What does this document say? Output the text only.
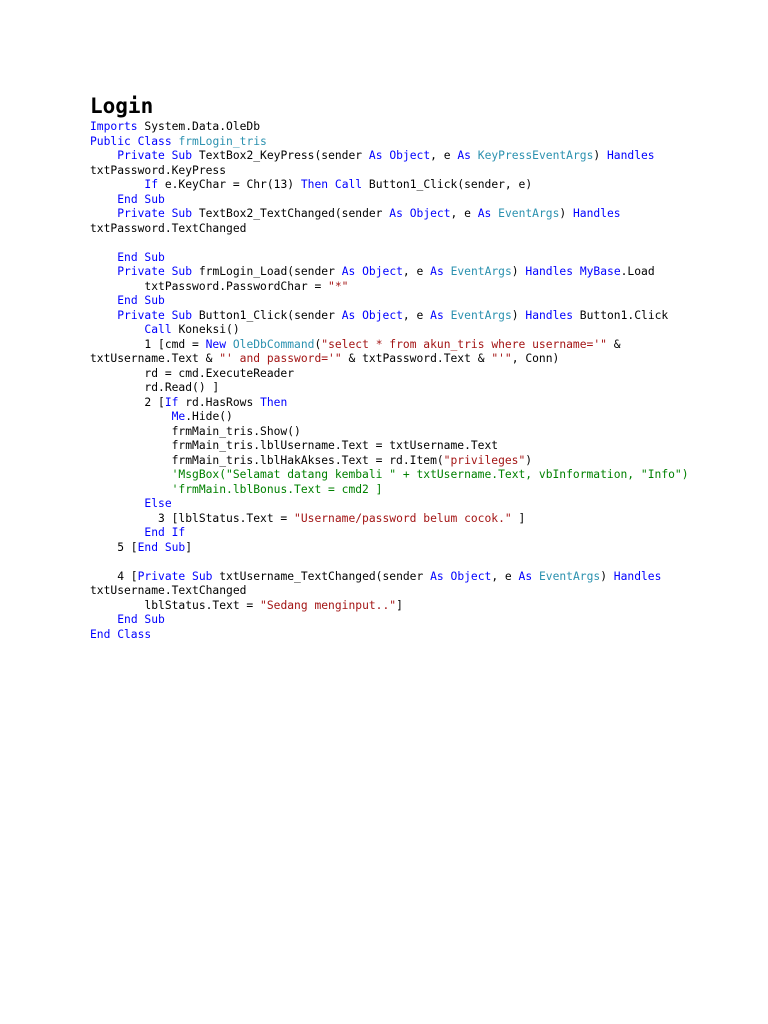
Login
Imports System.Data.OleDb
Public Class frmLogin_tris
Private Sub TextBox2_KeyPress(sender As Object, e As KeyPressEventArgs) Handles
txtPassword.KeyPress
If e.KeyChar = Chr(13) Then Call Button1_Click(sender, e)
End Sub
Private Sub TextBox2_TextChanged(sender As Object, e As EventArgs) Handles
txtPassword.TextChanged
End Sub
Private Sub frmLogin_Load(sender As Object, e As EventArgs) Handles MyBase.Load
txtPassword.PasswordChar = "*"
End Sub
Private Sub Button1_Click(sender As Object, e As EventArgs) Handles Button1.Click
Call Koneksi()
1 [cmd = New OleDbCommand("select * from akun_tris where username='" &
txtUsername.Text & "' and password='" & txtPassword.Text & "'", Conn)
rd = cmd.ExecuteReader
rd.Read() ]
2 [If rd.HasRows Then
Me.Hide()
frmMain_tris.Show()
frmMain_tris.lblUsername.Text = txtUsername.Text
frmMain_tris.lblHakAkses.Text = rd.Item("privileges")
'MsgBox("Selamat datang kembali " + txtUsername.Text, vbInformation, "Info")
'frmMain.lblBonus.Text = cmd2 ]
Else
3 [lblStatus.Text = "Username/password belum cocok." ]
End If
5 [End Sub]
4 [Private Sub txtUsername_TextChanged(sender As Object, e As EventArgs) Handles
txtUsername.TextChanged
lblStatus.Text = "Sedang menginput.."]
End Sub
End Class
